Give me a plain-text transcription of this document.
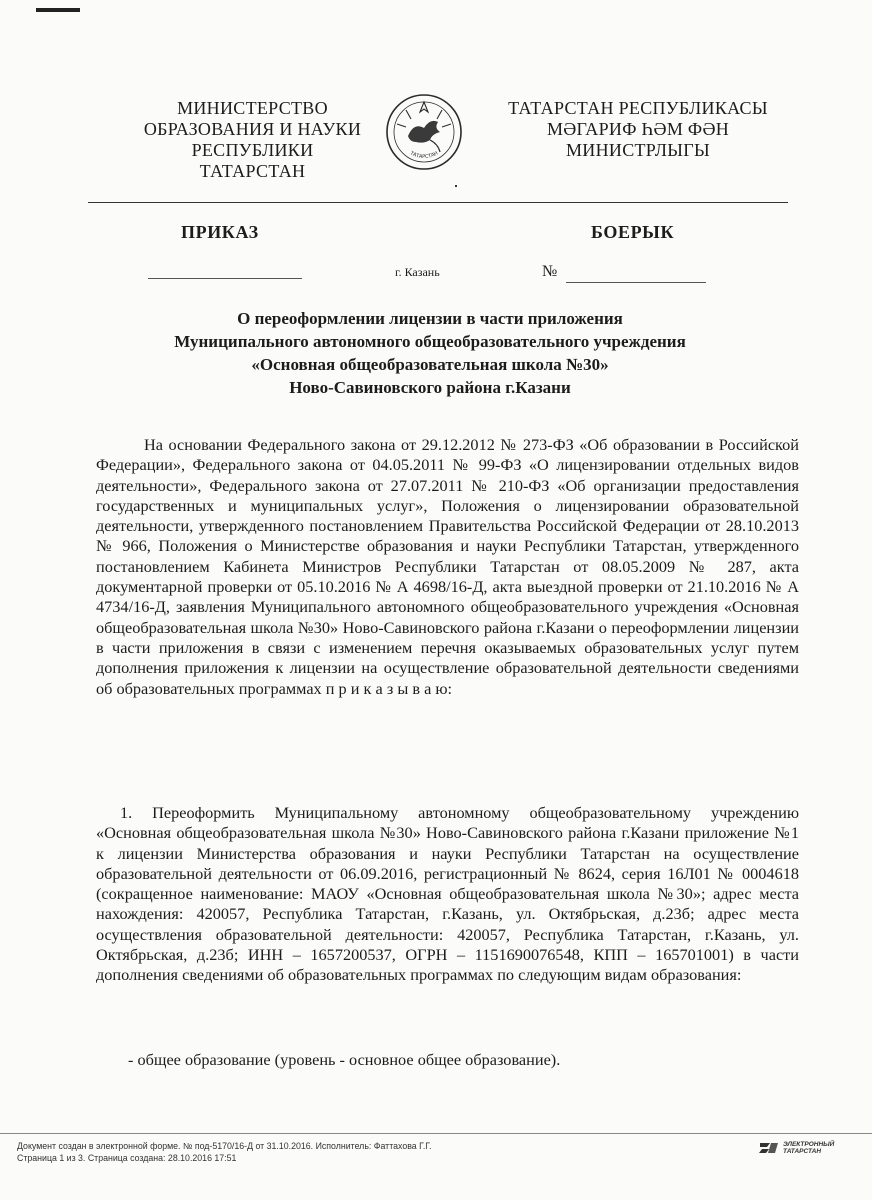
МИНИСТЕРСТВО
ОБРАЗОВАНИЯ И НАУКИ
РЕСПУБЛИКИ ТАТАРСТАН
ТАТАРСТАН
ТАТАРСТАН РЕСПУБЛИКАСЫ
МӘГАРИФ ҺӘМ ФӘН
МИНИСТРЛЫГЫ
ПРИКАЗ	БОЕРЫК
г. Казань	№
О переоформлении лицензии в части приложения
Муниципального автономного общеобразовательного учреждения
«Основная общеобразовательная школа №30»
Ново-Савиновского района г.Казани
На основании Федерального закона от 29.12.2012 № 273-ФЗ «Об образовании в Российской Федерации», Федерального закона от 04.05.2011 № 99-ФЗ «О лицензировании отдельных видов деятельности», Федерального закона от 27.07.2011 № 210-ФЗ «Об организации предоставления государственных и муниципальных услуг», Положения о лицензировании образовательной деятельности, утвержденного постановлением Правительства Российской Федерации от 28.10.2013 № 966, Положения о Министерстве образования и науки Республики Татарстан, утвержденного постановлением Кабинета Министров Республики Татарстан от 08.05.2009 № 287, акта документарной проверки от 05.10.2016 № А 4698/16-Д, акта выездной проверки от 21.10.2016 № А 4734/16-Д, заявления Муниципального автономного общеобразовательного учреждения «Основная общеобразовательная школа №30» Ново-Савиновского района г.Казани о переоформлении лицензии в части приложения в связи с изменением перечня оказываемых образовательных услуг путем дополнения приложения к лицензии на осуществление образовательной деятельности сведениями об образовательных программах п р и к а з ы в а ю:
1. Переоформить Муниципальному автономному общеобразовательному учреждению «Основная общеобразовательная школа №30» Ново-Савиновского района г.Казани приложение №1 к лицензии Министерства образования и науки Республики Татарстан на осуществление образовательной деятельности от 06.09.2016, регистрационный № 8624, серия 16Л01 № 0004618 (сокращенное наименование: МАОУ «Основная общеобразовательная школа №30»; адрес места нахождения: 420057, Республика Татарстан, г.Казань, ул. Октябрьская, д.23б; адрес места осуществления образовательной деятельности: 420057, Республика Татарстан, г.Казань, ул. Октябрьская, д.23б; ИНН – 1657200537, ОГРН – 1151690076548, КПП – 165701001) в части дополнения сведениями об образовательных программах по следующим видам образования:
- общее образование (уровень - основное общее образование).
Документ создан в электронной форме. № под-5170/16-Д от 31.10.2016. Исполнитель: Фаттахова Г.Г.
Страница 1 из 3. Страница создана: 28.10.2016 17:51
ЭЛЕКТРОННЫЙ
ТАТАРСТАН
